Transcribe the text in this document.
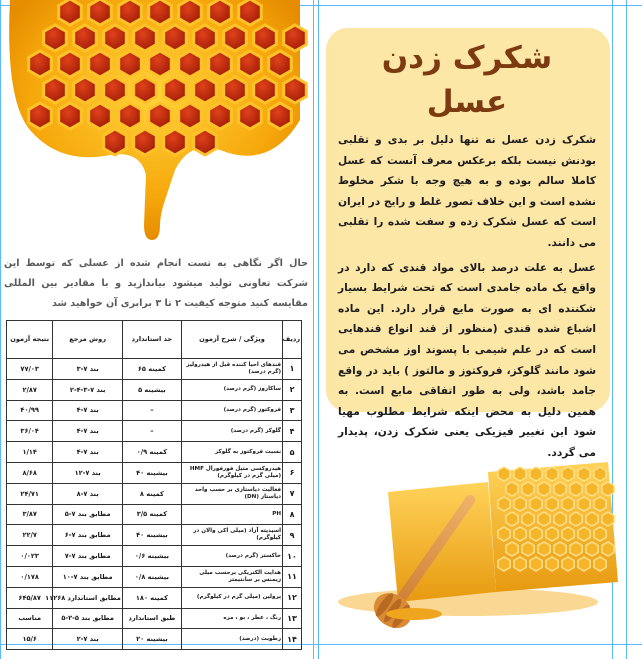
شکرک زدن عسل

شکرک زدن عسل نه تنها دلیل بر بدی و تقلبی بودنش نیست بلکه برعکس معرف آنست که عسل کاملا سالم بوده و به هیچ وجه با شکر مخلوط نشده است و این خلاف تصور غلط و رایج در ایران است که عسل شکرک زده و سفت شده را تقلبی می دانند.

عسل به علت درصد بالای مواد قندی که دارد در واقع یک ماده جامدی است که تحت شرایط بسیار شکننده ای به صورت مایع قرار دارد. این ماده اشباع شده قندی (منظور از قند انواع قندهایی است که در علم شیمی با پسوند اوز مشخص می شود مانند گلوکز، فروکتوز و مالتوز ) باید در واقع جامد باشد، ولی به طور اتفاقی مایع است. به همین دلیل به محض اینکه شرایط مطلوب مهیا شود این تغییر فیزیکی یعنی شکرک زدن، پدیدار می گردد.

حال اگر نگاهی به تست انجام شده از عسلی که توسط این شرکت تعاونی تولید میشود بیاندازید و با مقادیر بین المللی مقایسه کنید متوجه کیفیت ۲ تا ۳ برابری آن خواهید شد

ردیف	ویژگی / شرح آزمون	حد استاندارد	روش مرجع	نتیجه آزمون
۱	قندهای احیا کننده قبل از هیدرولیز (گرم درصد)	کمینه ۶۵	بند ۷-۳	۷۷/۰۳
۲	ساکاروز (گرم درصد)	بیشینه ۵	بند ۷-۳-۴-۲	۲/۸۷
۳	فروکتوز (گرم درصد)	–	بند ۷-۴	۴۰/۹۹
۴	گلوکز (گرم درصد)	–	بند ۷-۴	۳۶/۰۴
۵	نسبت فروکتوز به گلوکز	کمینه ۰/۹	بند ۷-۴	۱/۱۴
۶	هیدروکسی متیل فورفورال HMF (میلی گرم در کیلوگرم)	بیشینه ۴۰	بند ۷-۱۲	۸/۶۸
۷	فعالیت دیاستازی بر حسب واحد دیاستاز (DN)	کمینه ۸	بند ۷-۸	۲۴/۷۱
۸	PH	کمینه ۳/۵	مطابق بند ۷-۵	۳/۸۷
۹	اسیدیته آزاد (میلی اکی والان در کیلوگرم)	بیشینه ۴۰	مطابق بند ۷-۶	۲۲/۷
۱۰	خاکستر (گرم درصد)	بیشینه ۰/۶	مطابق بند ۷-۷	۰/۰۲۳
۱۱	هدایت الکتریکی برحسب میلی زیمنس بر سانتیمتر	بیشینه ۰/۸	مطابق بند ۷-۱۰	۰/۱۷۸
۱۲	پرولین (میلی گرم در کیلوگرم)	کمینه ۱۸۰	مطابق استاندارد ۱۱۲۶۸	۶۴۵/۸۷
۱۳	رنگ ، عطر ، بو ، مزه	طبق استاندارد	مطابق بند ۵-۲-۵	مناسب
۱۴	رطوبت (درصد)	بیشینه ۲۰	بند ۷-۲	۱۵/۶
